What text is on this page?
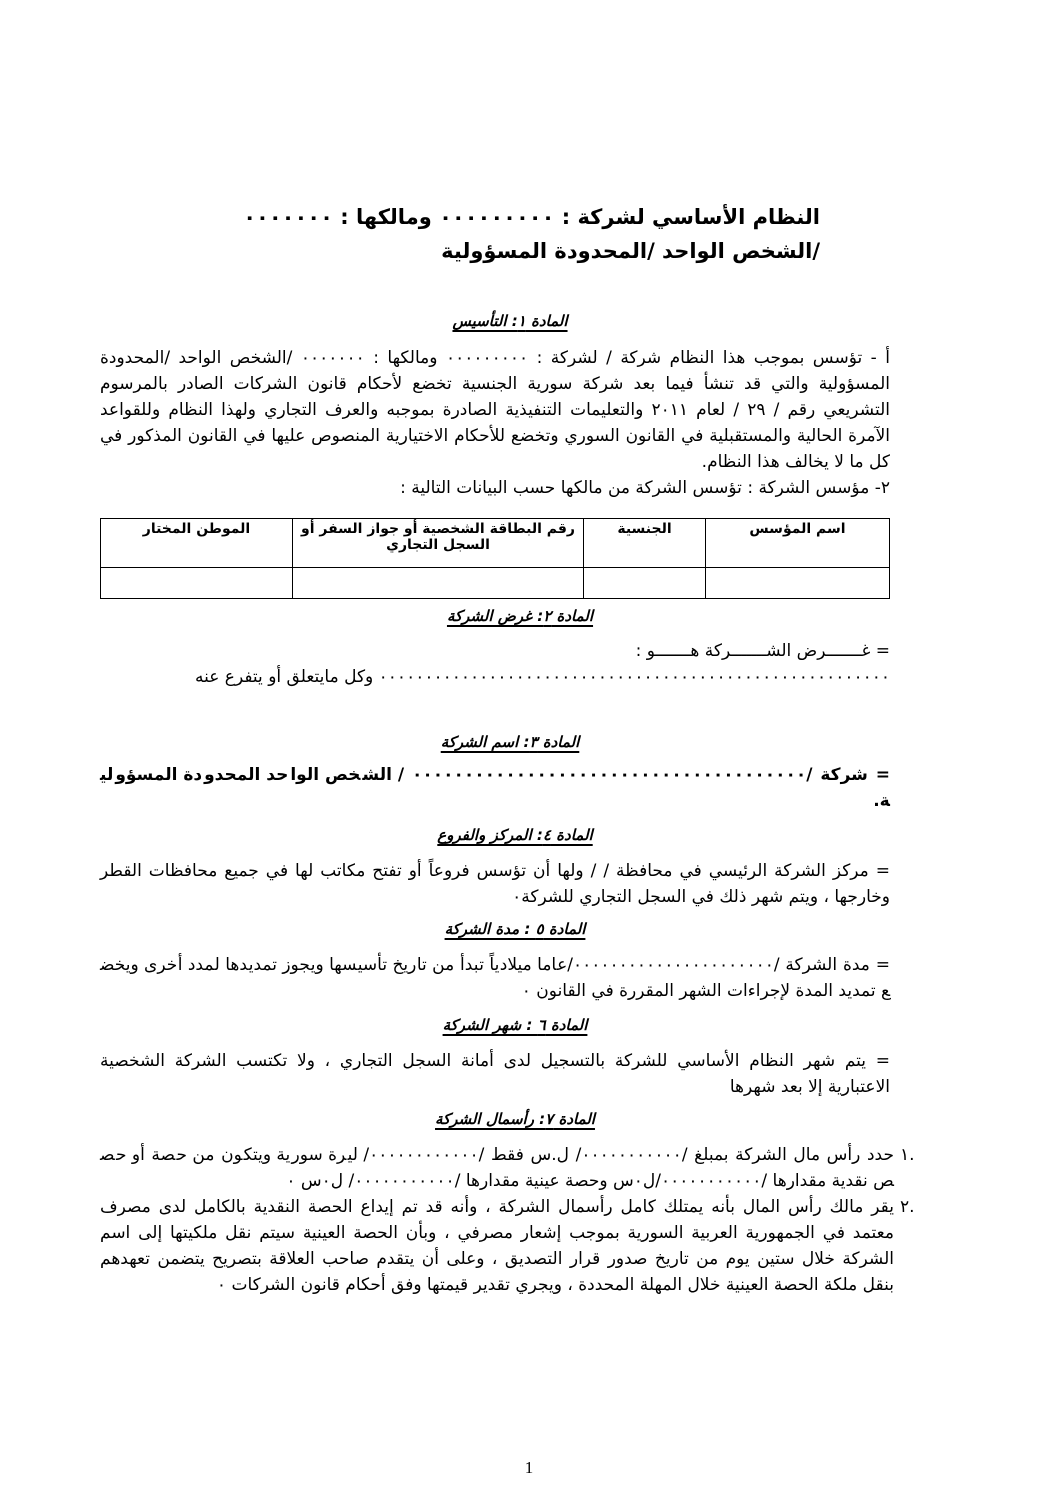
النظام الأساسي لشركة : ٠٠٠٠٠٠٠٠٠ ومالكها : ٠٠٠٠٠٠٠
/الشخص الواحد /المحدودة المسؤولية
المادة ١: التأسيس

أ - تؤسس بموجب هذا النظام شركة / لشركة : ٠٠٠٠٠٠٠٠٠ ومالكها : ٠٠٠٠٠٠٠ /الشخص الواحد /المحدودة المسؤولية والتي قد تنشأ فيما بعد شركة سورية الجنسية تخضع لأحكام قانون الشركات الصادر بالمرسوم التشريعي رقم / ٢٩ / لعام ٢٠١١ والتعليمات التنفيذية الصادرة بموجبه والعرف التجاري ولهذا النظام وللقواعد الآمرة الحالية والمستقبلية في القانون السوري وتخضع للأحكام الاختيارية المنصوص عليها في القانون المذكور في كل ما لا يخالف هذا النظام.

٢- مؤسس الشركة : تؤسس الشركة من مالكها حسب البيانات التالية :

اسم المؤسس	الجنسية	رقم البطاقة الشخصية أو جواز السفر أو السجل التجاري	الموطن المختار

المادة ٢: غرض الشركة

= غـــــــرض الشـــــــركة هـــــــو :

٠٠٠٠٠٠٠٠٠٠٠٠٠٠٠٠٠٠٠٠٠٠٠٠٠٠٠٠٠٠٠٠٠٠٠٠٠٠٠٠٠٠٠٠٠٠٠٠٠٠٠٠٠٠٠٠ وكل مايتعلق أو يتفرع عنه

المادة ٣: اسم الشركة
= شركة /٠٠٠٠٠٠٠٠٠٠٠٠٠٠٠٠٠٠٠٠٠٠٠٠٠٠٠٠٠٠٠٠٠٠٠٠٠٠ / الشخص الواحد المحدودة المسؤولية.
المادة ٤: المركز والفروع
= مركز الشركة الرئيسي في محافظة / / ولها أن تؤسس فروعاً أو تفتح مكاتب لها في جميع محافظات القطر وخارجها ، ويتم شهر ذلك في السجل التجاري للشركة٠
المادة ٥ : مدة الشركة
= مدة الشركة /٠٠٠٠٠٠٠٠٠٠٠٠٠٠٠٠٠٠٠٠٠٠/عاما ميلادياً تبدأ من تاريخ تأسيسها ويجوز تمديدها لمدد أخرى ويخضع تمديد المدة لإجراءات الشهر المقررة في القانون ٠
المادة ٦ : شهر الشركة
= يتم شهر النظام الأساسي للشركة بالتسجيل لدى أمانة السجل التجاري ، ولا تكتسب الشركة الشخصية الاعتبارية إلا بعد شهرها
المادة ٧: رأسمال الشركة
.١
حدد رأس مال الشركة بمبلغ /٠٠٠٠٠٠٠٠٠٠٠/ ل.س فقط /٠٠٠٠٠٠٠٠٠٠٠٠/ ليرة سورية ويتكون من حصة أو حصص نقدية مقدارها /٠٠٠٠٠٠٠٠٠٠٠/ل٠س وحصة عينية مقدارها /٠٠٠٠٠٠٠٠٠٠٠/ ل٠س ٠
.٢
يقر مالك رأس المال بأنه يمتلك كامل رأسمال الشركة ، وأنه قد تم إيداع الحصة النقدية بالكامل لدى مصرف معتمد في الجمهورية العربية السورية بموجب إشعار مصرفي ، وبأن الحصة العينية سيتم نقل ملكيتها إلى اسم الشركة خلال ستين يوم من تاريخ صدور قرار التصديق ، وعلى أن يتقدم صاحب العلاقة بتصريح يتضمن تعهدهم بنقل ملكة الحصة العينية خلال المهلة المحددة ، ويجري تقدير قيمتها وفق أحكام قانون الشركات ٠
1
